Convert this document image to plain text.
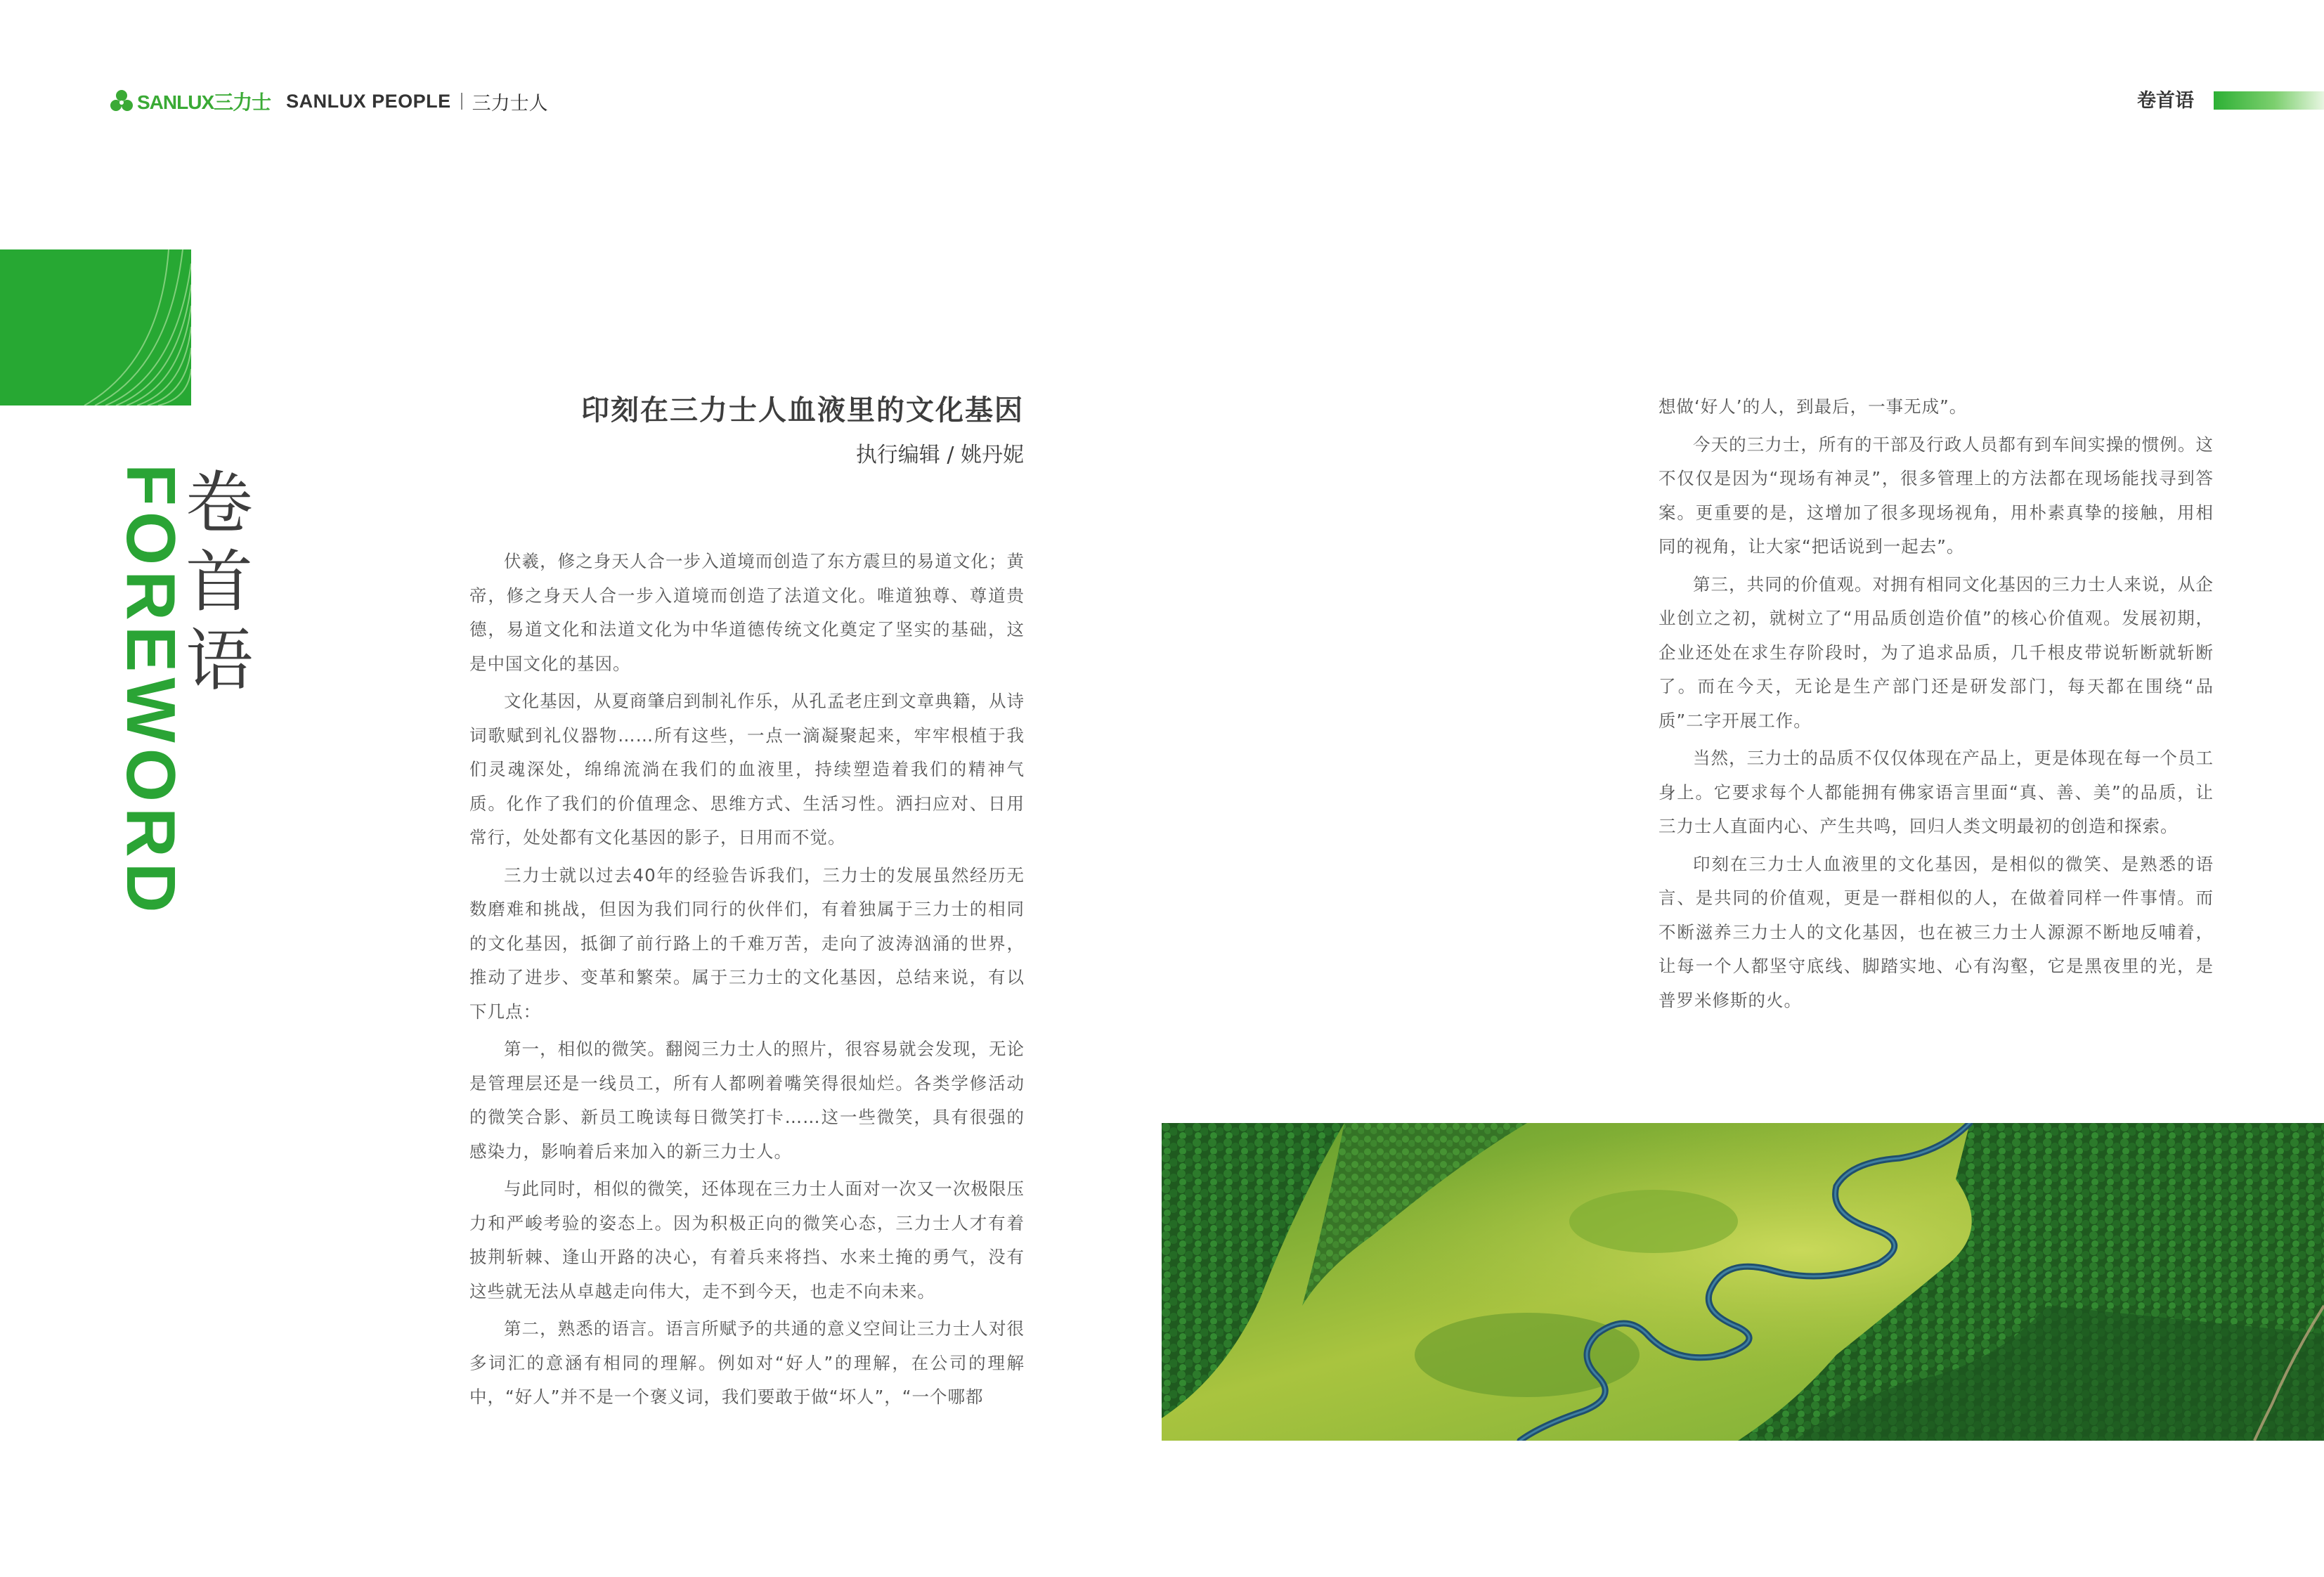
SANLUX三力士 SANLUX PEOPLE 三力士人	卷首语
FOREWORD
卷
首
语
印刻在三力士人血液里的文化基因
执行编辑 / 姚丹妮

伏羲，修之身天人合一步入道境而创造了东方震旦的易道文化；黄帝，修之身天人合一步入道境而创造了法道文化。唯道独尊、尊道贵德，易道文化和法道文化为中华道德传统文化奠定了坚实的基础，这是中国文化的基因。

文化基因，从夏商肇启到制礼作乐，从孔孟老庄到文章典籍，从诗词歌赋到礼仪器物……所有这些，一点一滴凝聚起来，牢牢根植于我们灵魂深处，绵绵流淌在我们的血液里，持续塑造着我们的精神气质。化作了我们的价值理念、思维方式、生活习性。洒扫应对、日用常行，处处都有文化基因的影子，日用而不觉。

三力士就以过去40年的经验告诉我们，三力士的发展虽然经历无数磨难和挑战，但因为我们同行的伙伴们，有着独属于三力士的相同的文化基因，抵御了前行路上的千难万苦，走向了波涛汹涌的世界，推动了进步、变革和繁荣。属于三力士的文化基因，总结来说，有以下几点：

第一，相似的微笑。翻阅三力士人的照片，很容易就会发现，无论是管理层还是一线员工，所有人都咧着嘴笑得很灿烂。各类学修活动的微笑合影、新员工晚读每日微笑打卡……这一些微笑，具有很强的感染力，影响着后来加入的新三力士人。

与此同时，相似的微笑，还体现在三力士人面对一次又一次极限压力和严峻考验的姿态上。因为积极正向的微笑心态，三力士人才有着披荆斩棘、逢山开路的决心，有着兵来将挡、水来土掩的勇气，没有这些就无法从卓越走向伟大，走不到今天，也走不向未来。

第二，熟悉的语言。语言所赋予的共通的意义空间让三力士人对很多词汇的意涵有相同的理解。例如对“好人”的理解，在公司的理解中，“好人”并不是一个褒义词，我们要敢于做“坏人”，“一个哪都

想做‘好人’的人，到最后，一事无成”。

今天的三力士，所有的干部及行政人员都有到车间实操的惯例。这不仅仅是因为“现场有神灵”，很多管理上的方法都在现场能找寻到答案。更重要的是，这增加了很多现场视角，用朴素真挚的接触，用相同的视角，让大家“把话说到一起去”。

第三，共同的价值观。对拥有相同文化基因的三力士人来说，从企业创立之初，就树立了“用品质创造价值”的核心价值观。发展初期，企业还处在求生存阶段时，为了追求品质，几千根皮带说斩断就斩断了。而在今天，无论是生产部门还是研发部门，每天都在围绕“品质”二字开展工作。

当然，三力士的品质不仅仅体现在产品上，更是体现在每一个员工身上。它要求每个人都能拥有佛家语言里面“真、善、美”的品质，让三力士人直面内心、产生共鸣，回归人类文明最初的创造和探索。

印刻在三力士人血液里的文化基因，是相似的微笑、是熟悉的语言、是共同的价值观，更是一群相似的人，在做着同样一件事情。而不断滋养三力士人的文化基因，也在被三力士人源源不断地反哺着，让每一个人都坚守底线、脚踏实地、心有沟壑，它是黑夜里的光，是普罗米修斯的火。
